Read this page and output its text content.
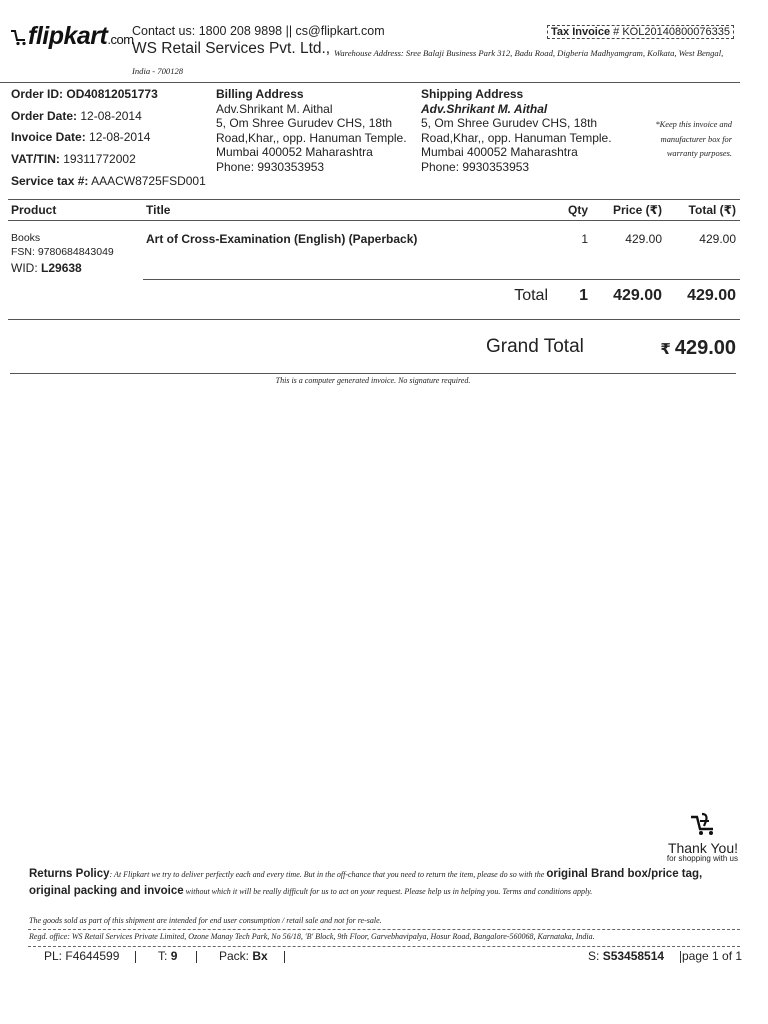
flipkart.com
Contact us: 1800 208 9898 || cs@flipkart.com
WS Retail Services Pvt. Ltd., Warehouse Address: Sree Balaji Business Park 312, Badu Road, Digberia Madhyamgram, Kolkata, West Bengal, India - 700128
Tax Invoice # KOL20140800076335
Order ID: OD40812051773
Order Date: 12-08-2014
Invoice Date: 12-08-2014
VAT/TIN: 19311772002
Service tax #: AAACW8725FSD001
Billing Address
Adv.Shrikant M. Aithal
5, Om Shree Gurudev CHS, 18th
Road,Khar,, opp. Hanuman Temple.
Mumbai 400052 Maharashtra
Phone: 9930353953
Shipping Address
Adv.Shrikant M. Aithal
5, Om Shree Gurudev CHS, 18th
Road,Khar,, opp. Hanuman Temple.
Mumbai 400052 Maharashtra
Phone: 9930353953
*Keep this invoice and
manufacturer box for
warranty purposes.
Product	Title	Qty	Price (₹)	Total (₹)
Books
FSN: 9780684843049
WID: L29638
Art of Cross-Examination (English) (Paperback)	1	429.00	429.00
Total	1	429.00	429.00
Grand Total	₹ 429.00
This is a computer generated invoice. No signature required.
Thank You!
for shopping with us
Returns Policy: At Flipkart we try to deliver perfectly each and every time. But in the off-chance that you need to return the item, please do so with the original Brand box/price tag, original packing and invoice without which it will be really difficult for us to act on your request. Please help us in helping you. Terms and conditions apply.
The goods sold as part of this shipment are intended for end user consumption / retail sale and not for re-sale.
Regd. office: WS Retail Services Private Limited, Ozone Manay Tech Park, No 56/18, 'B' Block, 9th Floor, Garvebhavipalya, Hosur Road, Bangalore-560068, Karnataka, India.
PL: F4644599	T: 9	Pack: Bx	S: S53458514 page 1 of 1
